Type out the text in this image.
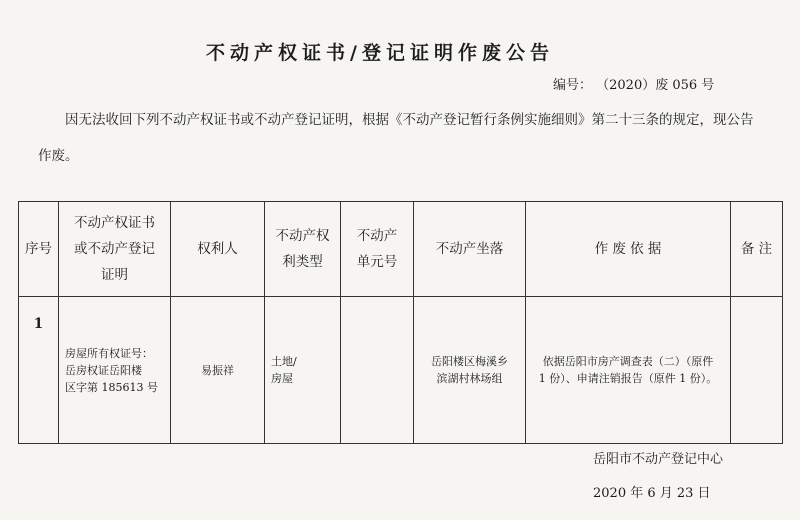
不动产权证书/登记证明作废公告
编号： （2020）废 056 号
因无法收回下列不动产权证书或不动产登记证明，根据《不动产登记暂行条例实施细则》第二十三条的规定，现公告作废。
序号	不动产权证书
或不动产登记
证明	权利人	不动产权
利类型	不动产
单元号	不动产坐落	作 废 依 据	备 注
1	房屋所有权证号：
岳房权证岳阳楼
区字第 185613 号	易振祥	土地/
房屋		岳阳楼区梅溪乡
滨湖村林场组	依据岳阳市房产调查表（二）（原件
1 份）、申请注销报告（原件 1 份）。	
岳阳市不动产登记中心
2020 年 6 月 23 日
